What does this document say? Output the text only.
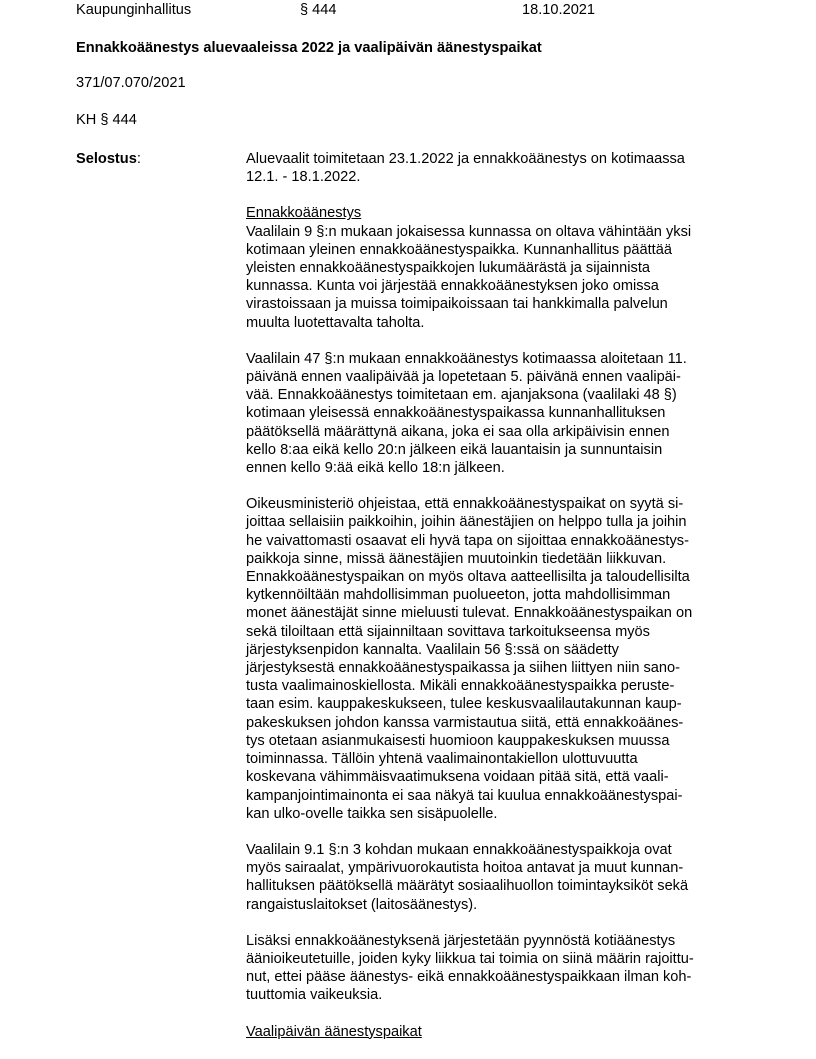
Kaupunginhallitus	§ 444	18.10.2021
Ennakkoäänestys aluevaaleissa 2022 ja vaalipäivän äänestyspaikat
371/07.070/2021
KH § 444
Selostus:	Aluevaalit toimitetaan 23.1.2022 ja ennakkoäänestys on kotimaassa
12.1. - 18.1.2022.
Ennakkoäänestys
Vaalilain 9 §:n mukaan jokaisessa kunnassa on oltava vähintään yksi
kotimaan yleinen ennakkoäänestyspaikka. Kunnanhallitus päättää
yleisten ennakkoäänestyspaikkojen lukumäärästä ja sijainnista
kunnassa. Kunta voi järjestää ennakkoäänestyksen joko omissa
virastoissaan ja muissa toimipaikoissaan tai hankkimalla palvelun
muulta luotettavalta taholta.
Vaalilain 47 §:n mukaan ennakkoäänestys kotimaassa aloitetaan 11.
päivänä ennen vaalipäivää ja lopetetaan 5. päivänä ennen vaalipäi-
vää. Ennakkoäänestys toimitetaan em. ajanjaksona (vaalilaki 48 §)
kotimaan yleisessä ennakkoäänestyspaikassa kunnanhallituksen
päätöksellä määrättynä aikana, joka ei saa olla arkipäivisin ennen
kello 8:aa eikä kello 20:n jälkeen eikä lauantaisin ja sunnuntaisin
ennen kello 9:ää eikä kello 18:n jälkeen.
Oikeusministeriö ohjeistaa, että ennakkoäänestyspaikat on syytä si-
joittaa sellaisiin paikkoihin, joihin äänestäjien on helppo tulla ja joihin
he vaivattomasti osaavat eli hyvä tapa on sijoittaa ennakkoäänestys-
paikkoja sinne, missä äänestäjien muutoinkin tiedetään liikkuvan.
Ennakkoäänestyspaikan on myös oltava aatteellisilta ja taloudellisilta
kytkennöiltään mahdollisimman puolueeton, jotta mahdollisimman
monet äänestäjät sinne mieluusti tulevat. Ennakkoäänestyspaikan on
sekä tiloiltaan että sijainniltaan sovittava tarkoitukseensa myös
järjestyksenpidon kannalta. Vaalilain 56 §:ssä on säädetty
järjestyksestä ennakkoäänestyspaikassa ja siihen liittyen niin sano-
tusta vaalimainoskiellosta. Mikäli ennakkoäänestyspaikka peruste-
taan esim. kauppakeskukseen, tulee keskusvaalilautakunnan kaup-
pakeskuksen johdon kanssa varmistautua siitä, että ennakkoäänes-
tys otetaan asianmukaisesti huomioon kauppakeskuksen muussa
toiminnassa. Tällöin yhtenä vaalimainontakiellon ulottuvuutta
koskevana vähimmäisvaatimuksena voidaan pitää sitä, että vaali-
kampanjointimainonta ei saa näkyä tai kuulua ennakkoäänestyspai-
kan ulko-ovelle taikka sen sisäpuolelle.
Vaalilain 9.1 §:n 3 kohdan mukaan ennakkoäänestyspaikkoja ovat
myös sairaalat, ympärivuorokautista hoitoa antavat ja muut kunnan-
hallituksen päätöksellä määrätyt sosiaalihuollon toimintayksiköt sekä
rangaistuslaitokset (laitosäänestys).
Lisäksi ennakkoäänestyksenä järjestetään pyynnöstä kotiäänestys
äänioikeutetuille, joiden kyky liikkua tai toimia on siinä määrin rajoittu-
nut, ettei pääse äänestys- eikä ennakkoäänestyspaikkaan ilman koh-
tuuttomia vaikeuksia.
Vaalipäivän äänestyspaikat
